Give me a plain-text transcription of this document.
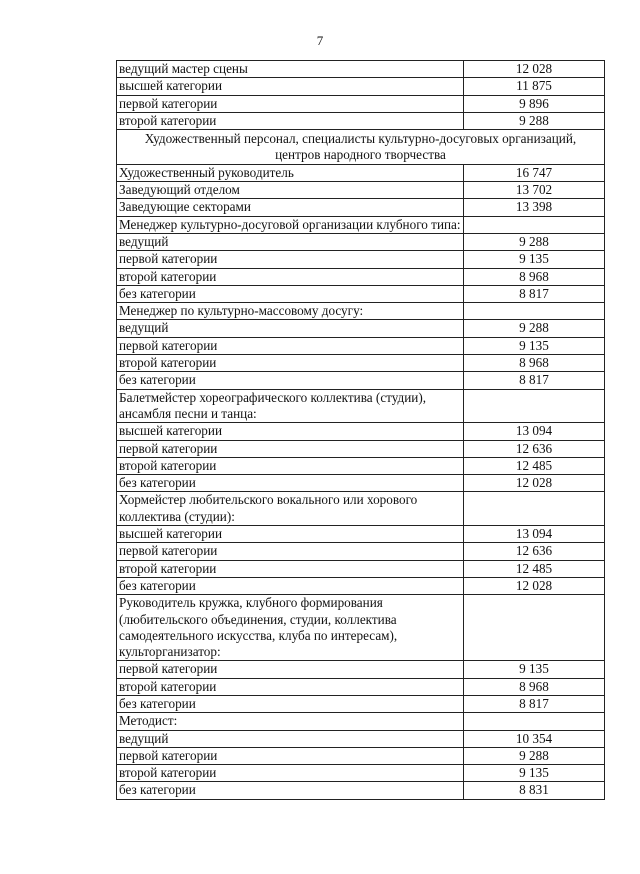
7
ведущий мастер сцены	12 028
высшей категории	11 875
первой категории	9 896
второй категории	9 288
Художественный персонал, специалисты культурно-досуговых организаций, центров народного творчества	
Художественный руководитель	16 747
Заведующий отделом	13 702
Заведующие секторами	13 398
Менеджер культурно-досуговой организации клубного типа:	
ведущий	9 288
первой категории	9 135
второй категории	8 968
без категории	8 817
Менеджер по культурно-массовому досугу:	
ведущий	9 288
первой категории	9 135
второй категории	8 968
без категории	8 817
Балетмейстер хореографического коллектива (студии), ансамбля песни и танца:	
высшей категории	13 094
первой категории	12 636
второй категории	12 485
без категории	12 028
Хормейстер любительского вокального или хорового коллектива (студии):	
высшей категории	13 094
первой категории	12 636
второй категории	12 485
без категории	12 028
Руководитель кружка, клубного формирования (любительского объединения, студии, коллектива самодеятельного искусства, клуба по интересам), культорганизатор:	
первой категории	9 135
второй категории	8 968
без категории	8 817
Методист:	
ведущий	10 354
первой категории	9 288
второй категории	9 135
без категории	8 831
